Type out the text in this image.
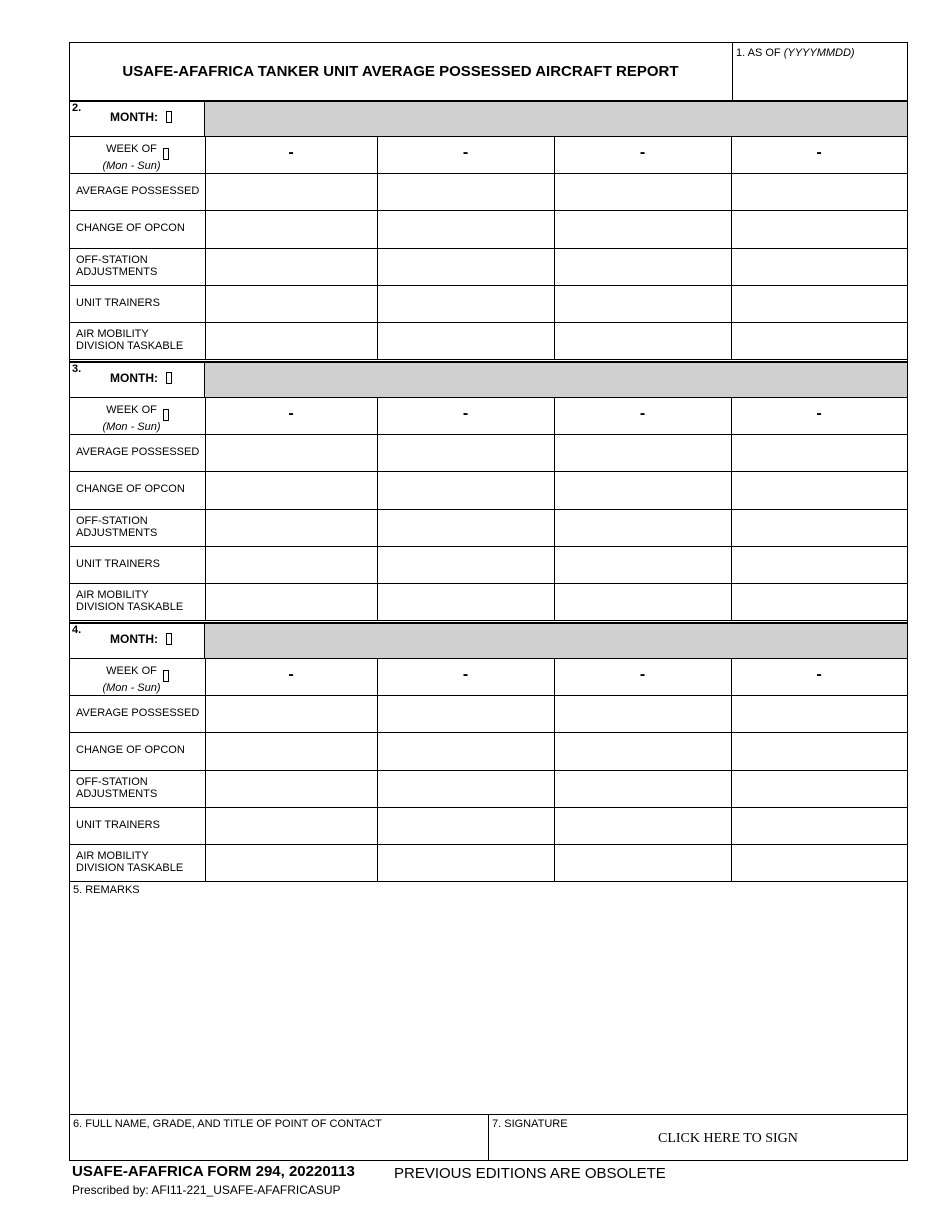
USAFE-AFAFRICA TANKER UNIT AVERAGE POSSESSED AIRCRAFT REPORT
1. AS OF (YYYYMMDD)
2.
MONTH:
WEEK OF
(Mon - Sun)
-	-	-	-
AVERAGE POSSESSED
CHANGE OF OPCON
OFF-STATION
ADJUSTMENTS
UNIT TRAINERS
AIR MOBILITY
DIVISION TASKABLE
3.
MONTH:
WEEK OF
(Mon - Sun)
-	-	-	-
AVERAGE POSSESSED
CHANGE OF OPCON
OFF-STATION
ADJUSTMENTS
UNIT TRAINERS
AIR MOBILITY
DIVISION TASKABLE
4.
MONTH:
WEEK OF
(Mon - Sun)
-	-	-	-
AVERAGE POSSESSED
CHANGE OF OPCON
OFF-STATION
ADJUSTMENTS
UNIT TRAINERS
AIR MOBILITY
DIVISION TASKABLE
5. REMARKS
6. FULL NAME, GRADE, AND TITLE OF POINT OF CONTACT	7. SIGNATURE
CLICK HERE TO SIGN
USAFE-AFAFRICA FORM 294, 20220113	PREVIOUS EDITIONS ARE OBSOLETE
Prescribed by: AFI11-221_USAFE-AFAFRICASUP
